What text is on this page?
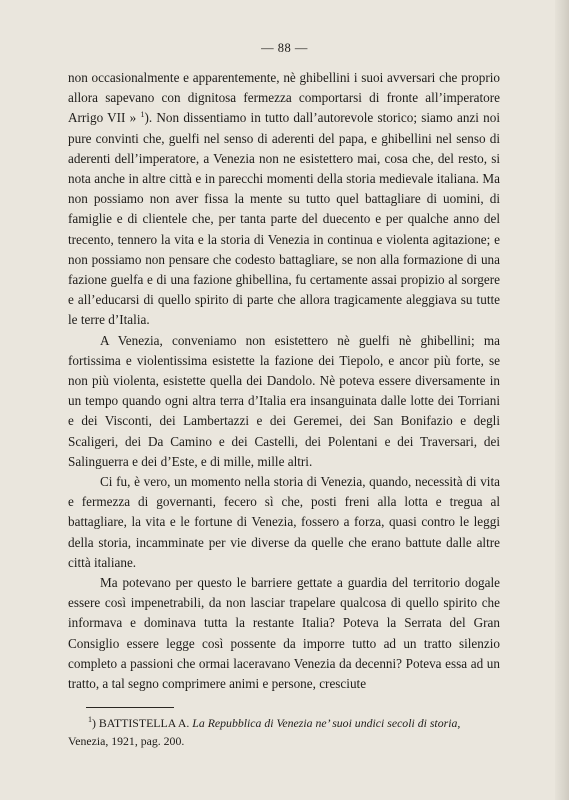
— 88 —

non occasionalmente e apparentemente, nè ghibellini i suoi avversari che proprio allora sapevano con dignitosa fermezza comportarsi di fronte all’imperatore Arrigo VII » $^1$). Non dissentiamo in tutto dall’autorevole storico; siamo anzi noi pure convinti che, guelfi nel senso di aderenti del papa, e ghibellini nel senso di aderenti dell’imperatore, a Venezia non ne esistettero mai, cosa che, del resto, si nota anche in altre città e in parecchi momenti della storia medievale italiana. Ma non possiamo non aver fissa la mente su tutto quel battagliare di uomini, di famiglie e di clientele che, per tanta parte del duecento e per qualche anno del trecento, tennero la vita e la storia di Venezia in continua e violenta agitazione; e non possiamo non pensare che codesto battagliare, se non alla formazione di una fazione guelfa e di una fazione ghibellina, fu certamente assai propizio al sorgere e all’educarsi di quello spirito di parte che allora tragicamente aleggiava su tutte le terre d’Italia.

A Venezia, conveniamo non esistettero nè guelfi nè ghibellini; ma fortissima e violentissima esistette la fazione dei Tiepolo, e ancor più forte, se non più violenta, esistette quella dei Dandolo. Nè poteva essere diversamente in un tempo quando ogni altra terra d’Italia era insanguinata dalle lotte dei Torriani e dei Visconti, dei Lambertazzi e dei Geremei, dei San Bonifazio e degli Scaligeri, dei Da Camino e dei Castelli, dei Polentani e dei Traversari, dei Salinguerra e dei d’Este, e di mille, mille altri.

Ci fu, è vero, un momento nella storia di Venezia, quando, necessità di vita e fermezza di governanti, fecero sì che, posti freni alla lotta e tregua al battagliare, la vita e le fortune di Venezia, fossero a forza, quasi contro le leggi della storia, incamminate per vie diverse da quelle che erano battute dalle altre città italiane.

Ma potevano per questo le barriere gettate a guardia del territorio dogale essere così impenetrabili, da non lasciar trapelare qualcosa di quello spirito che informava e dominava tutta la restante Italia? Poteva la Serrata del Gran Consiglio essere legge così possente da imporre tutto ad un tratto silenzio completo a passioni che ormai laceravano Venezia da decenni? Poteva essa ad un tratto, a tal segno comprimere animi e persone, cresciute

$^1$) BATTISTELLA A. La Repubblica di Venezia ne’ suoi undici secoli di storia, Venezia, 1921, pag. 200.
